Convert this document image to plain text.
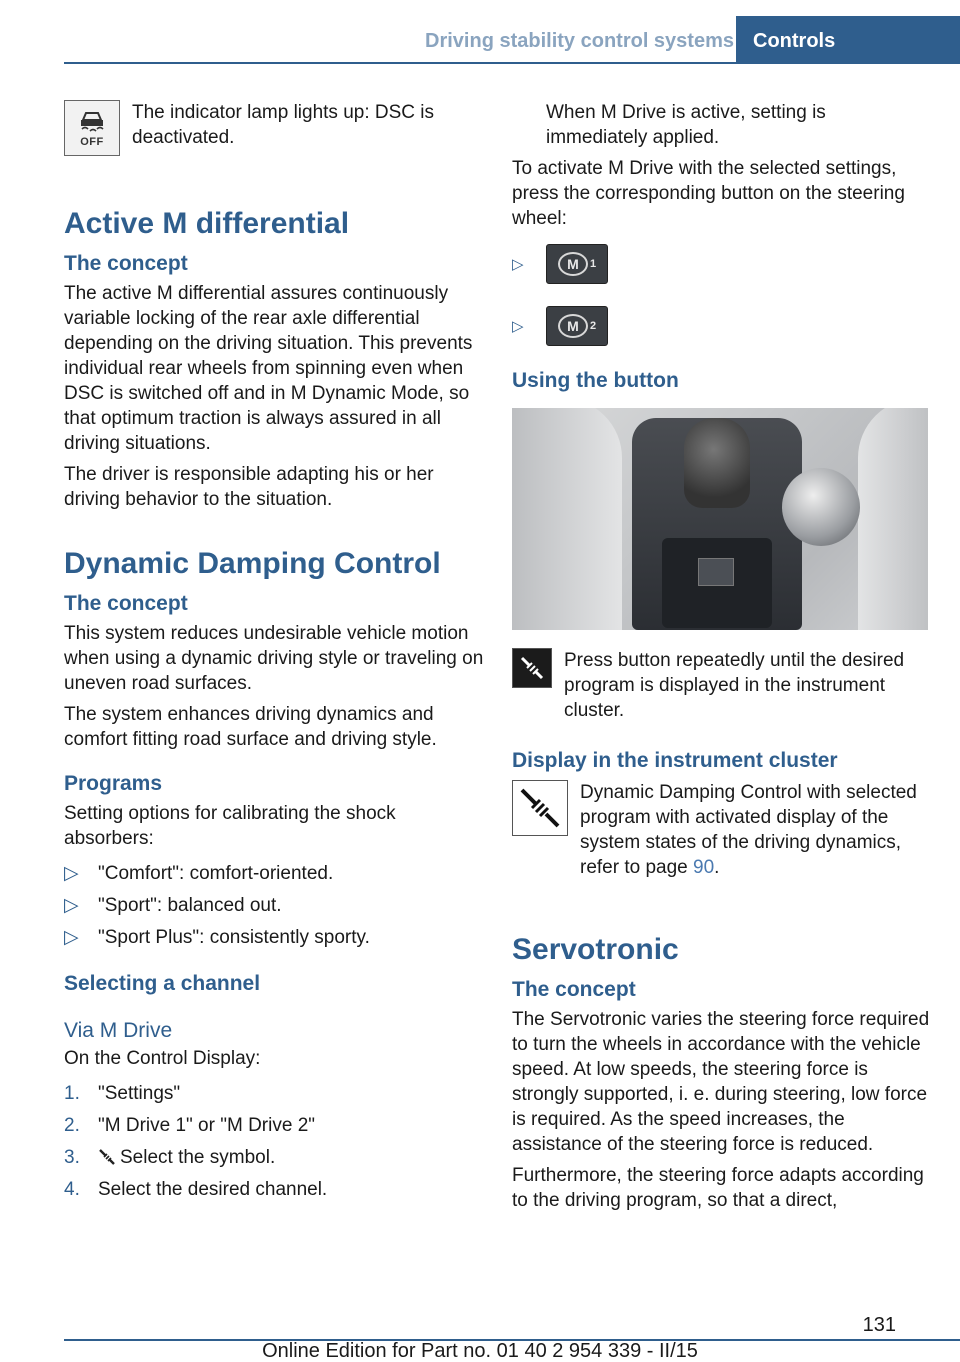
Driving stability control systems Controls
OFF

The indicator lamp lights up: DSC is deactivated.

Active M differential
The concept

The active M differential assures continuously variable locking of the rear axle differential depending on the driving situation. This prevents individual rear wheels from spinning even when DSC is switched off and in M Dynamic Mode, so that optimum traction is always assured in all driving situations.

The driver is responsible adapting his or her driving behavior to the situation.

Dynamic Damping Control
The concept

This system reduces undesirable vehicle motion when using a dynamic driving style or traveling on uneven road surfaces.

The system enhances driving dynamics and comfort fitting road surface and driving style.

Programs

Setting options for calibrating the shock absorbers:

▷ "Comfort": comfort-oriented.
▷ "Sport": balanced out.
▷ "Sport Plus": consistently sporty.
Selecting a channel
Via M Drive

On the Control Display:

1. "Settings"
2. "M Drive 1" or "M Drive 2"
3. Select the symbol.
4. Select the desired channel.

When M Drive is active, setting is immediately applied.

To activate M Drive with the selected settings, press the corresponding button on the steering wheel:

▷	M	1
▷	M	2
Using the button

Press button repeatedly until the desired program is displayed in the instrument cluster.

Display in the instrument cluster

Dynamic Damping Control with selected program with activated display of the system states of the driving dynamics, refer to page 90.

Servotronic
The concept

The Servotronic varies the steering force required to turn the wheels in accordance with the vehicle speed. At low speeds, the steering force is strongly supported, i. e. during steering, low force is required. As the speed increases, the assistance of the steering force is reduced.

Furthermore, the steering force adapts according to the driving program, so that a direct,

131
Online Edition for Part no. 01 40 2 954 339 - II/15
